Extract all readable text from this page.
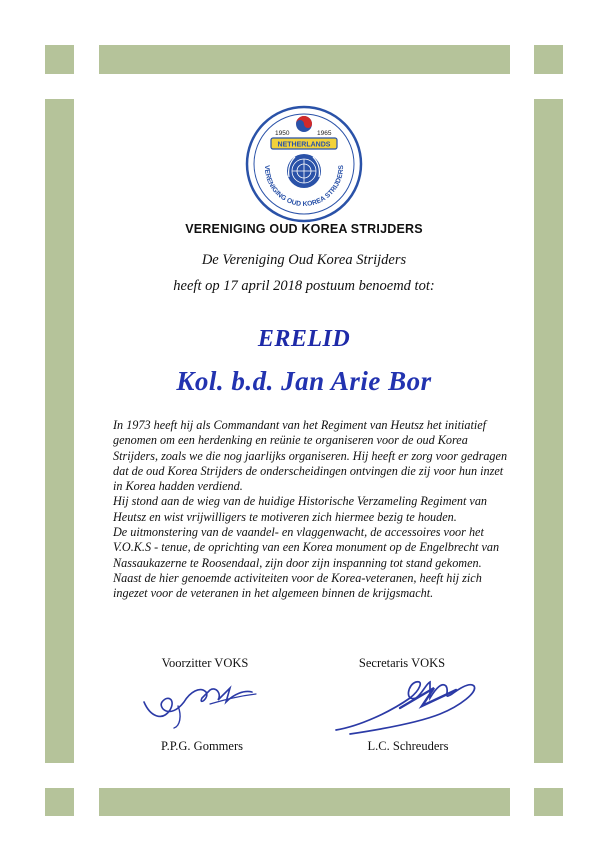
1950	1965
NETHERLANDS
VERENIGING OUD KOREA STRIJDERS
VERENIGING OUD KOREA STRIJDERS
De Vereniging Oud Korea Strijders
heeft op 17 april 2018 postuum benoemd tot:
ERELID
Kol. b.d. Jan Arie Bor
In 1973 heeft hij als Commandant van het Regiment van Heutsz het initiatief
genomen om een herdenking en reünie te organiseren voor de oud Korea
Strijders, zoals we die nog jaarlijks organiseren. Hij heeft er zorg voor gedragen
dat de oud Korea Strijders de onderscheidingen ontvingen die zij voor hun inzet
in Korea hadden verdiend.
Hij stond aan de wieg van de huidige Historische Verzameling Regiment van
Heutsz en wist vrijwilligers te motiveren zich hiermee bezig te houden.
De uitmonstering van de vaandel- en vlaggenwacht, de accessoires voor het
V.O.K.S - tenue, de oprichting van een Korea monument op de Engelbrecht van
Nassaukazerne te Roosendaal, zijn door zijn inspanning tot stand gekomen.
Naast de hier genoemde activiteiten voor de Korea-veteranen, heeft hij zich
ingezet voor de veteranen in het algemeen binnen de krijgsmacht.
Voorzitter VOKS	Secretaris VOKS
P.P.G. Gommers	L.C. Schreuders
